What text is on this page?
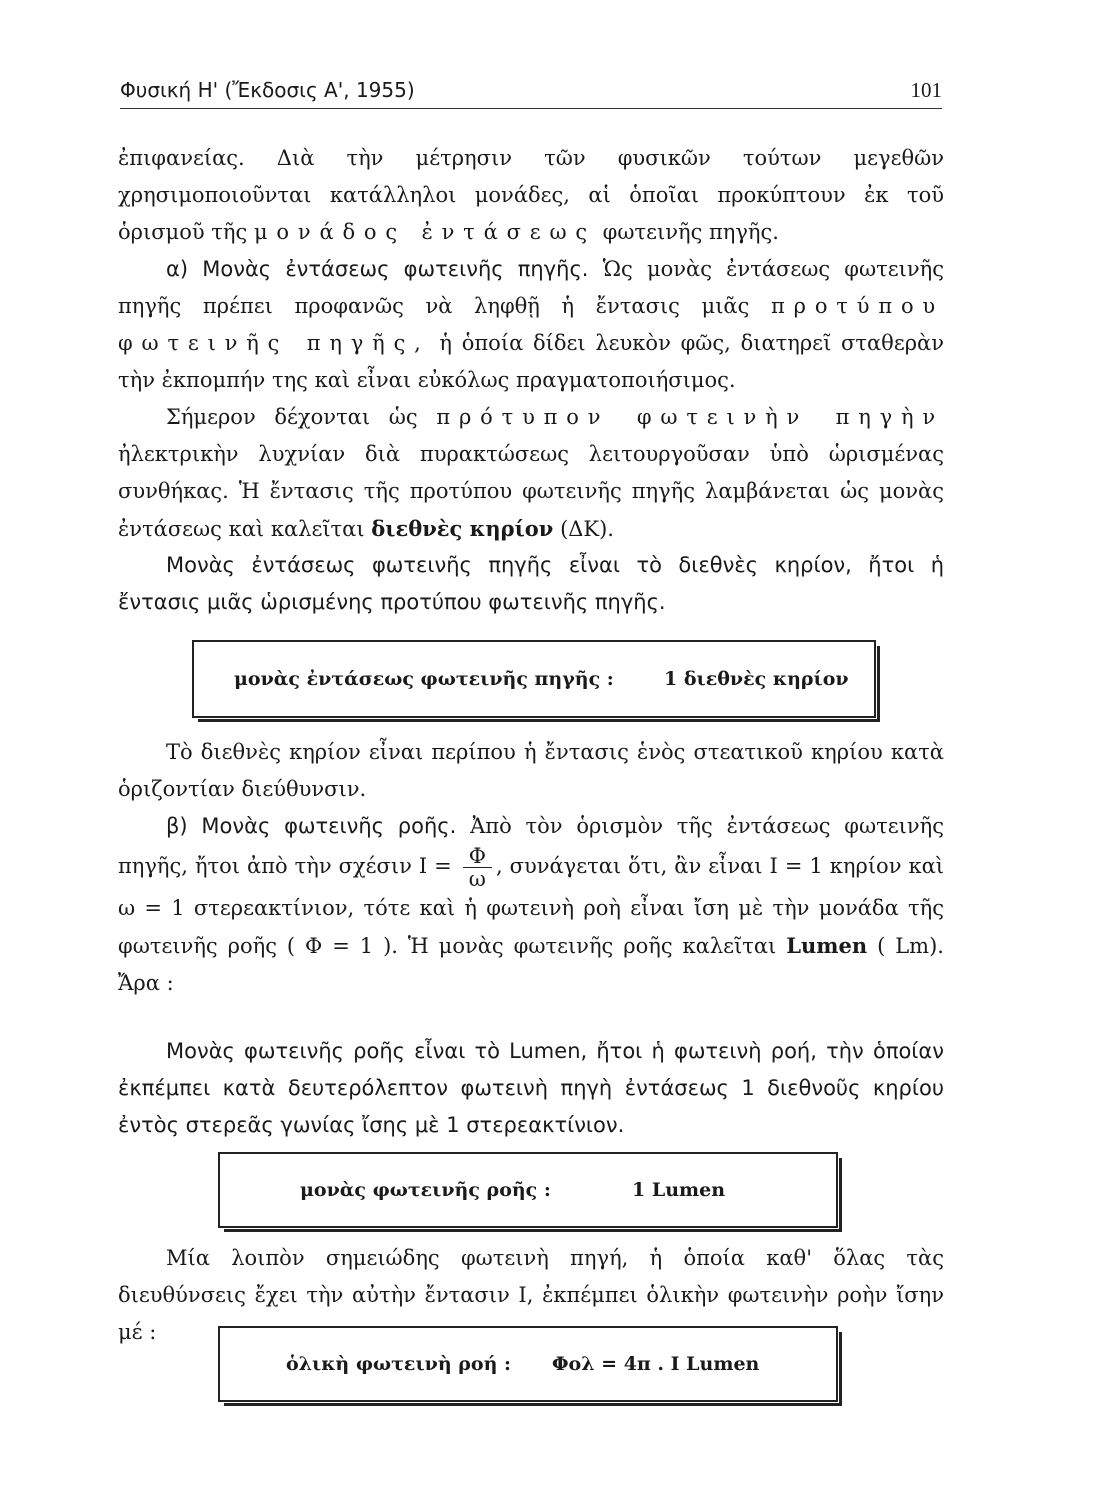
Φυσική Η' (Ἔκδοσις Α', 1955)	101
ἐπιφανείας. Διὰ τὴν μέτρησιν τῶν φυσικῶν τούτων μεγεθῶν χρησιμοποιοῦνται κατάλληλοι μονάδες, αἱ ὁποῖαι προκύπτουν ἐκ τοῦ ὁρισμοῦ τῆς μονάδος ἐντάσεως φωτεινῆς πηγῆς.
α) Μονὰς ἐντάσεως φωτεινῆς πηγῆς. Ὡς μονὰς ἐντάσεως φωτεινῆς πηγῆς πρέπει προφανῶς νὰ ληφθῇ ἡ ἔντασις μιᾶς προτύπου φωτεινῆς πηγῆς, ἡ ὁποία δίδει λευκὸν φῶς, διατηρεῖ σταθερὰν τὴν ἐκπομπήν της καὶ εἶναι εὐκόλως πραγματοποιήσιμος.
Σήμερον δέχονται ὡς πρότυπον φωτεινὴν πηγὴν ἠλεκτρικὴν λυχνίαν διὰ πυρακτώσεως λειτουργοῦσαν ὑπὸ ὡρισμένας συνθήκας. Ἡ ἔντασις τῆς προτύπου φωτεινῆς πηγῆς λαμβάνεται ὡς μονὰς ἐντάσεως καὶ καλεῖται διεθνὲς κηρίον (ΔΚ).
Μονὰς ἐντάσεως φωτεινῆς πηγῆς εἶναι τὸ διεθνὲς κηρίον, ἤτοι ἡ ἔντασις μιᾶς ὡρισμένης προτύπου φωτεινῆς πηγῆς.
μονὰς ἐντάσεως φωτεινῆς πηγῆς :	1 διεθνὲς κηρίον
Τὸ διεθνὲς κηρίον εἶναι περίπου ἡ ἔντασις ἑνὸς στεατικοῦ κηρίου κατὰ ὁριζοντίαν διεύθυνσιν.
β) Μονὰς φωτεινῆς ροῆς. Ἀπὸ τὸν ὁρισμὸν τῆς ἐντάσεως φωτεινῆς πηγῆς, ἤτοι ἀπὸ τὴν σχέσιν $I = \frac{\Phi}{\omega}$ , συνάγεται ὅτι, ἂν εἶναι I = 1 κηρίον καὶ ω = 1 στερεακτίνιον, τότε καὶ ἡ φωτεινὴ ροὴ εἶναι ἴση μὲ τὴν μονάδα τῆς φωτεινῆς ροῆς ( Φ = 1 ). Ἡ μονὰς φωτεινῆς ροῆς καλεῖται Lumen ( Lm). Ἄρα :
Μονὰς φωτεινῆς ροῆς εἶναι τὸ Lumen, ἤτοι ἡ φωτεινὴ ροή, τὴν ὁποίαν ἐκπέμπει κατὰ δευτερόλεπτον φωτεινὴ πηγὴ ἐντάσεως 1 διεθνοῦς κηρίου ἐντὸς στερεᾶς γωνίας ἴσης μὲ 1 στερεακτίνιον.
μονὰς φωτεινῆς ροῆς :	1 Lumen
Μία λοιπὸν σημειώδης φωτεινὴ πηγή, ἡ ὁποία καθ' ὅλας τὰς διευθύνσεις ἔχει τὴν αὐτὴν ἔντασιν I, ἐκπέμπει ὁλικὴν φωτεινὴν ροὴν ἴσην μέ :
ὁλικὴ φωτεινὴ ροή : Φολ = 4π . I Lumen
